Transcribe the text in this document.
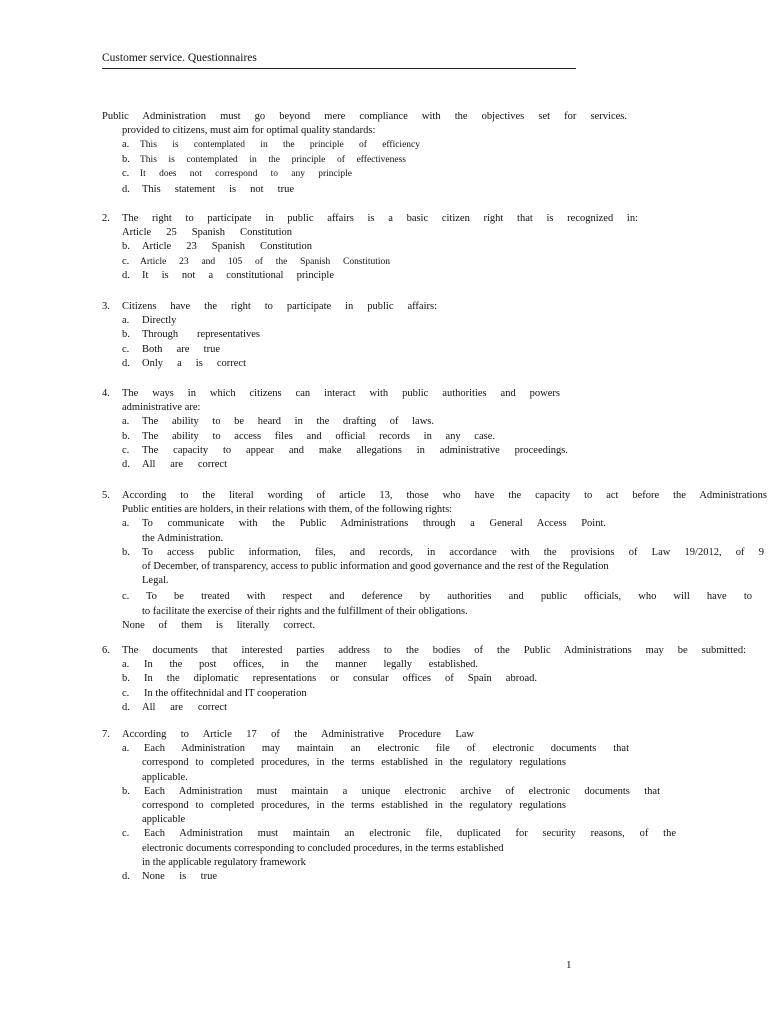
Customer service. Questionnaires
Public Administration must go beyond mere compliance with the objectives set for services.
provided to citizens, must aim for optimal quality standards:
a. This is contemplated in the principle of efficiency
b. This is contemplated in the principle of effectiveness
c. It does not correspond to any principle
d. This statement is not true
2. The right to participate in public affairs is a basic citizen right that is recognized in:
Article 25 Spanish Constitution
b. Article 23 Spanish Constitution
c. Article 23 and 105 of the Spanish Constitution
d. It is not a constitutional principle
3. Citizens have the right to participate in public affairs:
a. Directly
b. Through representatives
c. Both are true
d. Only a is correct
4. The ways in which citizens can interact with public authorities and powers
administrative are:
a. The ability to be heard in the drafting of laws.
b. The ability to access files and official records in any case.
c. The capacity to appear and make allegations in administrative proceedings.
d. All are correct
5. According to the literal wording of article 13, those who have the capacity to act before the Administrations
Public entities are holders, in their relations with them, of the following rights:
a. To communicate with the Public Administrations through a General Access Point.
the Administration.
b. To access public information, files, and records, in accordance with the provisions of Law 19/2012, of 9
of December, of transparency, access to public information and good governance and the rest of the Regulation
Legal.
c. To be treated with respect and deference by authorities and public officials, who will have to
to facilitate the exercise of their rights and the fulfillment of their obligations.
None of them is literally correct.
6. The documents that interested parties address to the bodies of the Public Administrations may be submitted:
a. In the post offices, in the manner legally established.
b. In the diplomatic representations or consular offices of Spain abroad.
c. In the offitechnidal and IT cooperation
d. All are correct
7. According to Article 17 of the Administrative Procedure Law
a. Each Administration may maintain an electronic file of electronic documents that
correspond to completed procedures, in the terms established in the regulatory regulations
applicable.
b. Each Administration must maintain a unique electronic archive of electronic documents that
correspond to completed procedures, in the terms established in the regulatory regulations
applicable
c. Each Administration must maintain an electronic file, duplicated for security reasons, of the
electronic documents corresponding to concluded procedures, in the terms established
in the applicable regulatory framework
d. None is true
1
